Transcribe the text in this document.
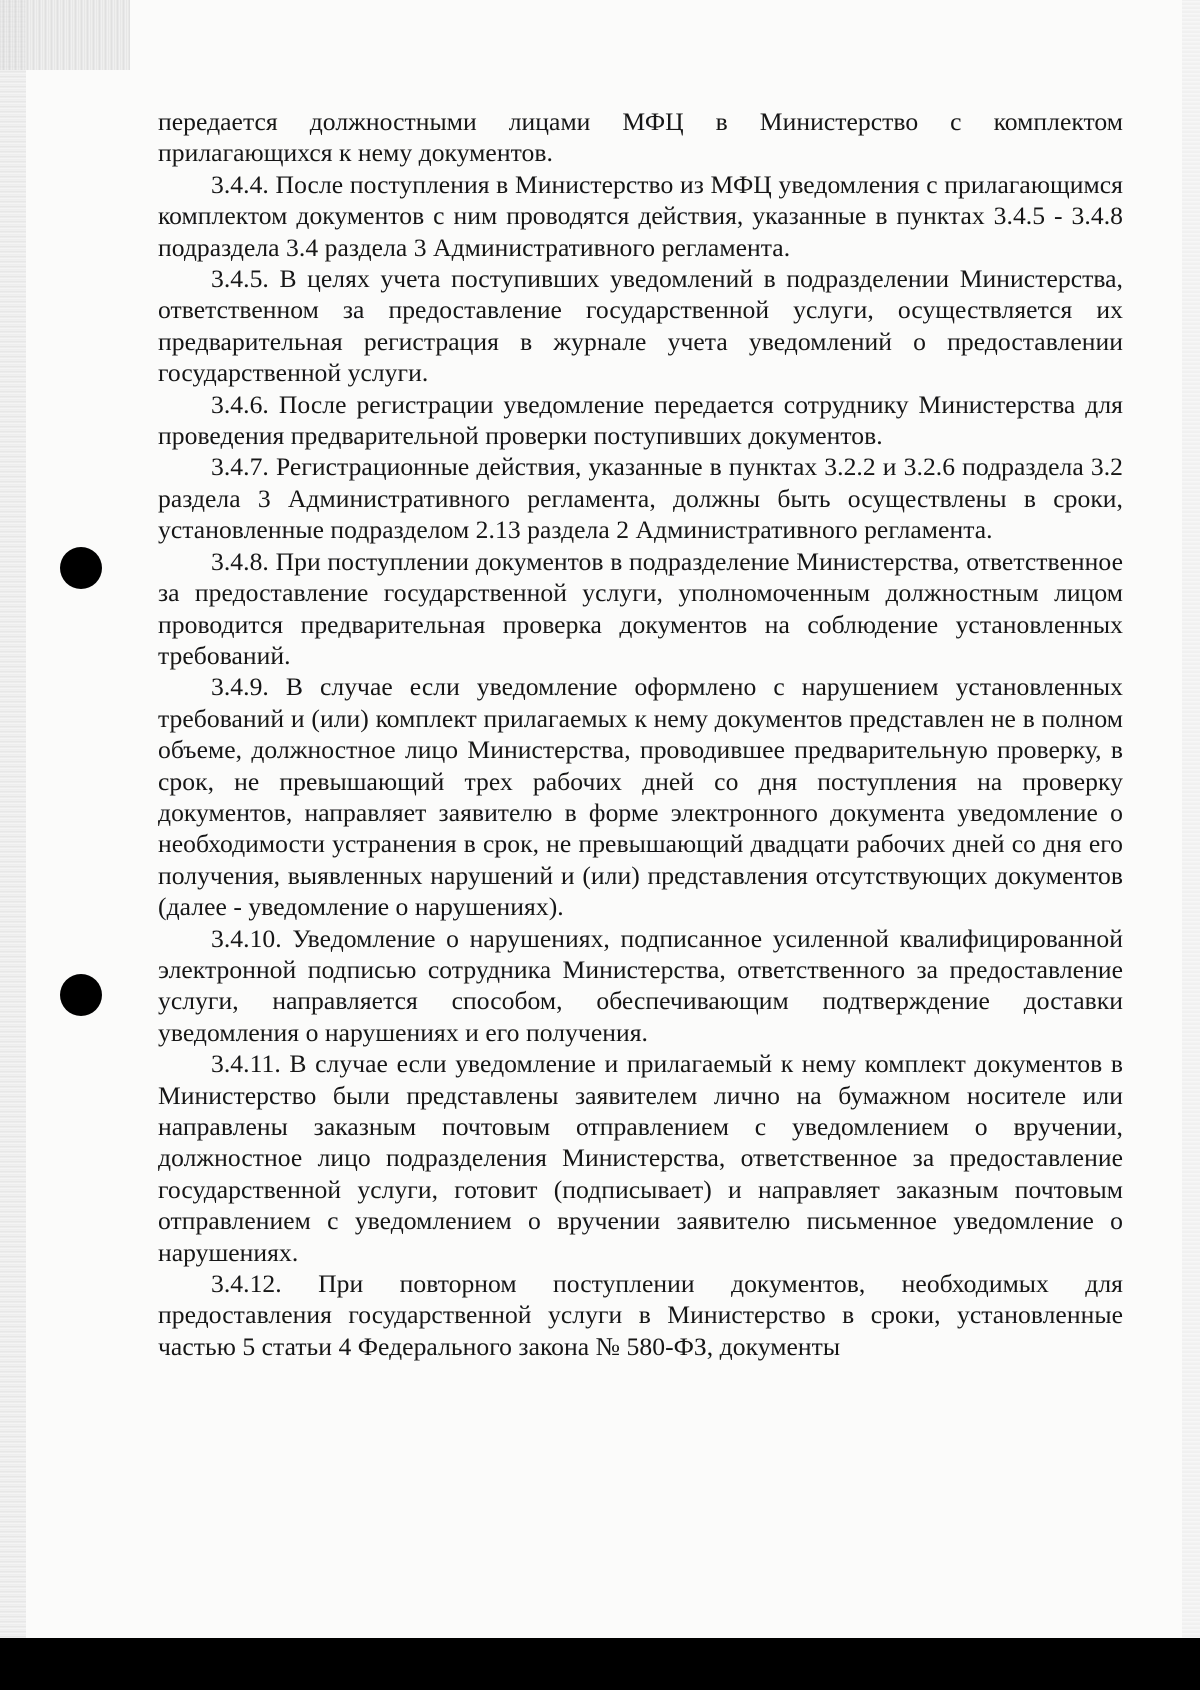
передается должностными лицами МФЦ в Министерство с комплектом прилагающихся к нему документов.

3.4.4. После поступления в Министерство из МФЦ уведомления с прилагающимся комплектом документов с ним проводятся действия, указанные в пунктах 3.4.5 - 3.4.8 подраздела 3.4 раздела 3 Административного регламента.

3.4.5. В целях учета поступивших уведомлений в подразделении Министерства, ответственном за предоставление государственной услуги, осуществляется их предварительная регистрация в журнале учета уведомлений о предоставлении государственной услуги.

3.4.6. После регистрации уведомление передается сотруднику Министерства для проведения предварительной проверки поступивших документов.

3.4.7. Регистрационные действия, указанные в пунктах 3.2.2 и 3.2.6 подраздела 3.2 раздела 3 Административного регламента, должны быть осуществлены в сроки, установленные подразделом 2.13 раздела 2 Административного регламента.

3.4.8. При поступлении документов в подразделение Министерства, ответственное за предоставление государственной услуги, уполномоченным должностным лицом проводится предварительная проверка документов на соблюдение установленных требований.

3.4.9. В случае если уведомление оформлено с нарушением установленных требований и (или) комплект прилагаемых к нему документов представлен не в полном объеме, должностное лицо Министерства, проводившее предварительную проверку, в срок, не превышающий трех рабочих дней со дня поступления на проверку документов, направляет заявителю в форме электронного документа уведомление о необходимости устранения в срок, не превышающий двадцати рабочих дней со дня его получения, выявленных нарушений и (или) представления отсутствующих документов (далее - уведомление о нарушениях).

3.4.10. Уведомление о нарушениях, подписанное усиленной квалифицированной электронной подписью сотрудника Министерства, ответственного за предоставление услуги, направляется способом, обеспечивающим подтверждение доставки уведомления о нарушениях и его получения.

3.4.11. В случае если уведомление и прилагаемый к нему комплект документов в Министерство были представлены заявителем лично на бумажном носителе или направлены заказным почтовым отправлением с уведомлением о вручении, должностное лицо подразделения Министерства, ответственное за предоставление государственной услуги, готовит (подписывает) и направляет заказным почтовым отправлением с уведомлением о вручении заявителю письменное уведомление о нарушениях.

3.4.12. При повторном поступлении документов, необходимых для предоставления государственной услуги в Министерство в сроки, установленные частью 5 статьи 4 Федерального закона № 580-ФЗ, документы
